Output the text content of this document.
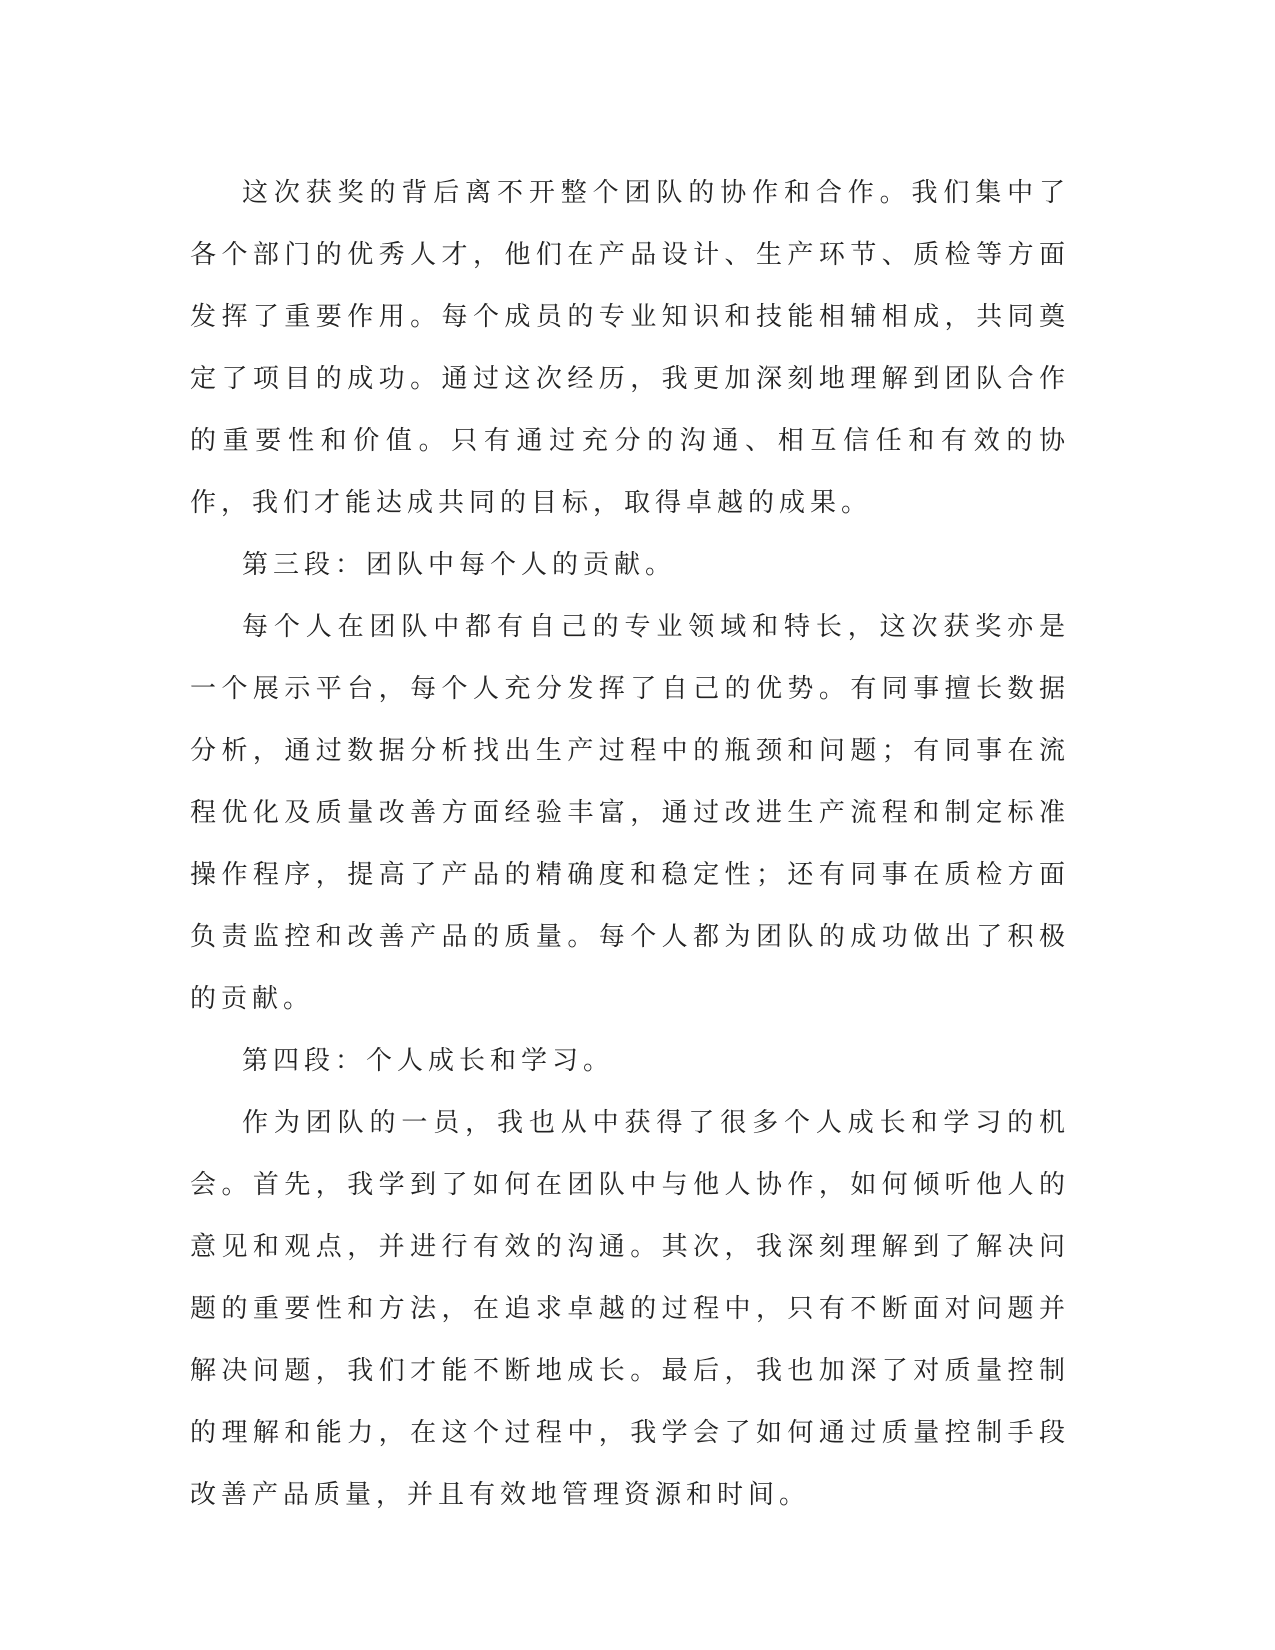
这次获奖的背后离不开整个团队的协作和合作。我们集中了各个部门的优秀人才，他们在产品设计、生产环节、质检等方面发挥了重要作用。每个成员的专业知识和技能相辅相成，共同奠定了项目的成功。通过这次经历，我更加深刻地理解到团队合作的重要性和价值。只有通过充分的沟通、相互信任和有效的协作，我们才能达成共同的目标，取得卓越的成果。

第三段：团队中每个人的贡献。

每个人在团队中都有自己的专业领域和特长，这次获奖亦是一个展示平台，每个人充分发挥了自己的优势。有同事擅长数据分析，通过数据分析找出生产过程中的瓶颈和问题；有同事在流程优化及质量改善方面经验丰富，通过改进生产流程和制定标准操作程序，提高了产品的精确度和稳定性；还有同事在质检方面负责监控和改善产品的质量。每个人都为团队的成功做出了积极的贡献。

第四段：个人成长和学习。

作为团队的一员，我也从中获得了很多个人成长和学习的机会。首先，我学到了如何在团队中与他人协作，如何倾听他人的意见和观点，并进行有效的沟通。其次，我深刻理解到了解决问题的重要性和方法，在追求卓越的过程中，只有不断面对问题并解决问题，我们才能不断地成长。最后，我也加深了对质量控制的理解和能力，在这个过程中，我学会了如何通过质量控制手段改善产品质量，并且有效地管理资源和时间。
